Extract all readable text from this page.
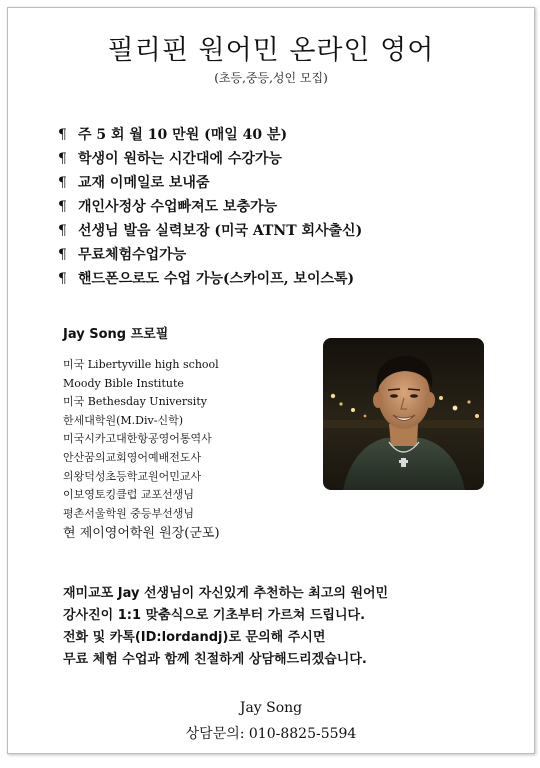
필리핀 원어민 온라인 영어
(초등,중등,성인 모집)
¶ 주 5 회 월 10 만원 (매일 40 분)
¶ 학생이 원하는 시간대에 수강가능
¶ 교재 이메일로 보내줌
¶ 개인사정상 수업빠져도 보충가능
¶ 선생님 발음 실력보장 (미국 ATNT 회사출신)
¶ 무료체험수업가능
¶ 핸드폰으로도 수업 가능(스카이프, 보이스톡)
Jay Song 프로필
미국 Libertyville high school
Moody Bible Institute
미국 Bethesday University
한세대학원(M.Div-신학)
미국시카고대한항공영어통역사
안산꿈의교회영어예배전도사
의왕덕성초등학교원어민교사
이보영토킹클럽 교포선생님
평촌서울학원 중등부선생님
현 제이영어학원 원장(군포)
재미교포 Jay 선생님이 자신있게 추천하는 최고의 원어민
강사진이 1:1 맞춤식으로 기초부터 가르쳐 드립니다.
전화 및 카톡(ID:lordandj)로 문의해 주시면
무료 체험 수업과 함께 친절하게 상담해드리겠습니다.
Jay Song
상담문의: 010-8825-5594
